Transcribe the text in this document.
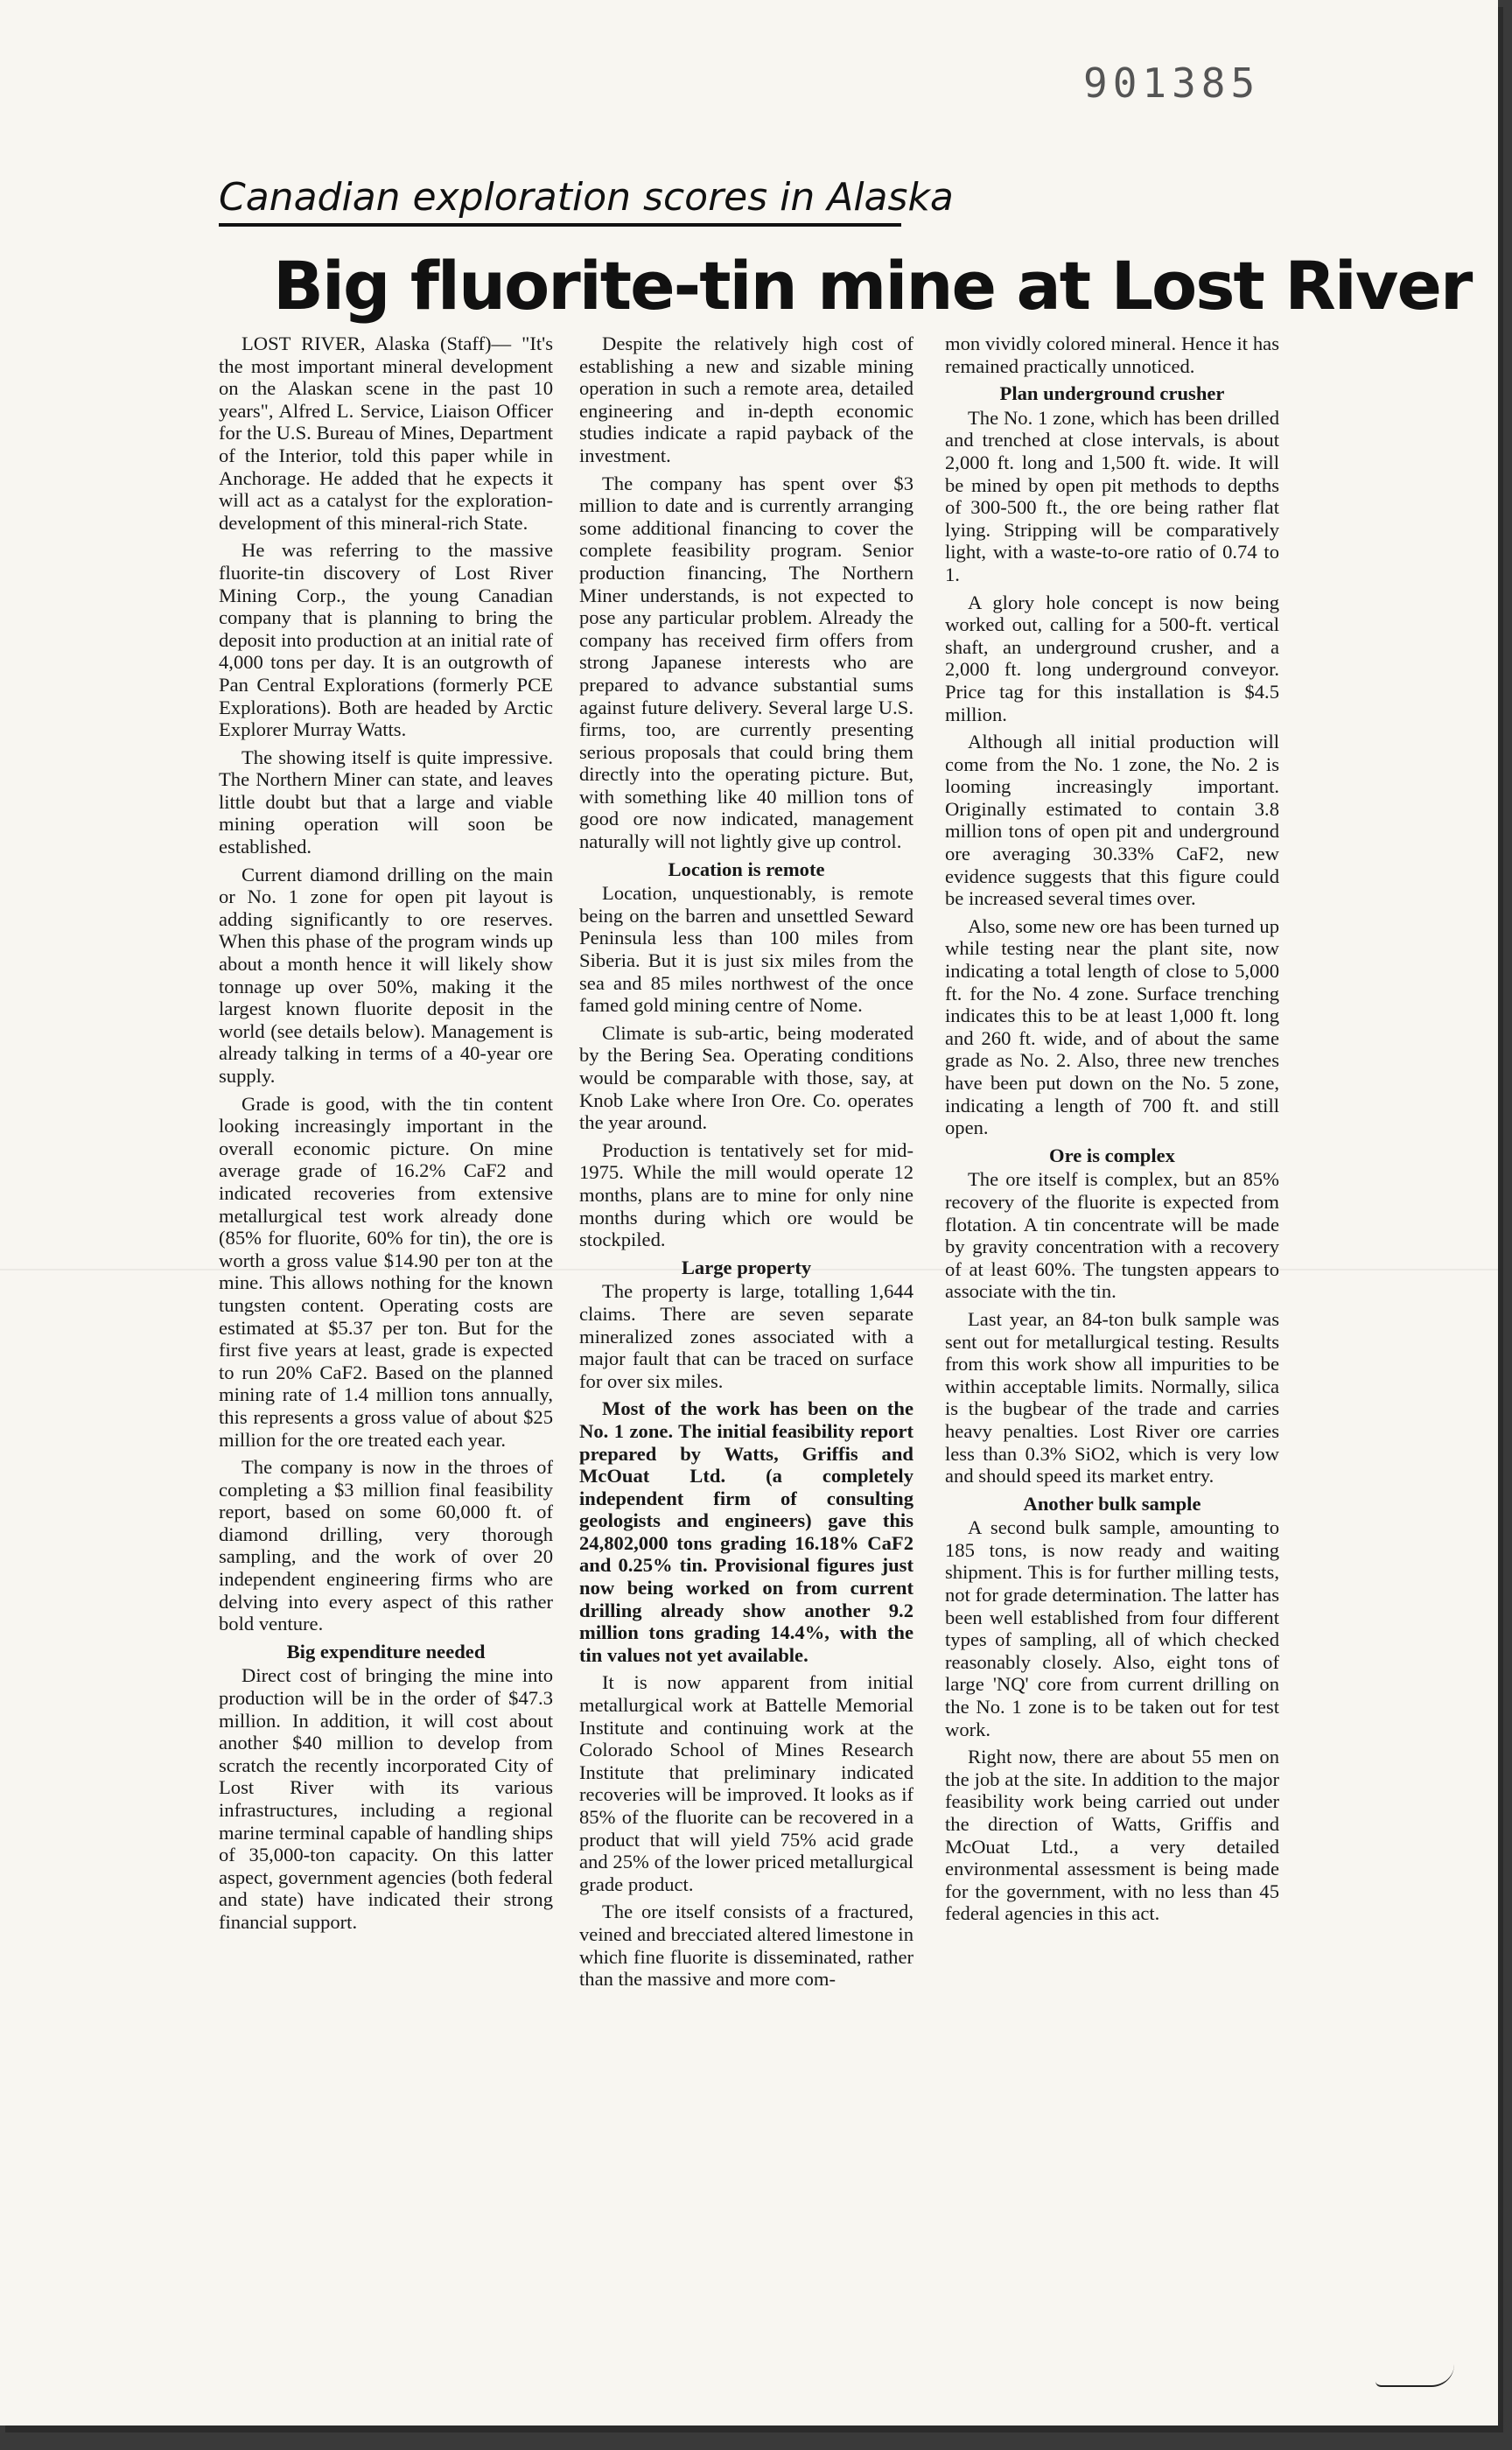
901385
Canadian exploration scores in Alaska
Big fluorite-tin mine at Lost River

LOST RIVER, Alaska (Staff)— "It's the most important mineral development on the Alaskan scene in the past 10 years", Alfred L. Service, Liaison Officer for the U.S. Bureau of Mines, Department of the Interior, told this paper while in Anchorage. He added that he expects it will act as a catalyst for the exploration-development of this mineral-rich State.

He was referring to the massive fluorite-tin discovery of Lost River Mining Corp., the young Canadian company that is planning to bring the deposit into production at an initial rate of 4,000 tons per day. It is an outgrowth of Pan Central Explorations (formerly PCE Explorations). Both are headed by Arctic Explorer Murray Watts.

The showing itself is quite impressive. The Northern Miner can state, and leaves little doubt but that a large and viable mining operation will soon be established.

Current diamond drilling on the main or No. 1 zone for open pit layout is adding significantly to ore reserves. When this phase of the program winds up about a month hence it will likely show tonnage up over 50%, making it the largest known fluorite deposit in the world (see details below). Management is already talking in terms of a 40-year ore supply.

Grade is good, with the tin content looking increasingly important in the overall economic picture. On mine average grade of 16.2% CaF2 and indicated recoveries from extensive metallurgical test work already done (85% for fluorite, 60% for tin), the ore is worth a gross value $14.90 per ton at the mine. This allows nothing for the known tungsten content. Operating costs are estimated at $5.37 per ton. But for the first five years at least, grade is expected to run 20% CaF2. Based on the planned mining rate of 1.4 million tons annually, this represents a gross value of about $25 million for the ore treated each year.

The company is now in the throes of completing a $3 million final feasibility report, based on some 60,000 ft. of diamond drilling, very thorough sampling, and the work of over 20 independent engineering firms who are delving into every aspect of this rather bold venture.

Big expenditure needed

Direct cost of bringing the mine into production will be in the order of $47.3 million. In addition, it will cost about another $40 million to develop from scratch the recently incorporated City of Lost River with its various infrastructures, including a regional marine terminal capable of handling ships of 35,000-ton capacity. On this latter aspect, government agencies (both federal and state) have indicated their strong financial support.

Despite the relatively high cost of establishing a new and sizable mining operation in such a remote area, detailed engineering and in-depth economic studies indicate a rapid payback of the investment.

The company has spent over $3 million to date and is currently arranging some additional financing to cover the complete feasibility program. Senior production financing, The Northern Miner understands, is not expected to pose any particular problem. Already the company has received firm offers from strong Japanese interests who are prepared to advance substantial sums against future delivery. Several large U.S. firms, too, are currently presenting serious proposals that could bring them directly into the operating picture. But, with something like 40 million tons of good ore now indicated, management naturally will not lightly give up control.

Location is remote

Location, unquestionably, is remote being on the barren and unsettled Seward Peninsula less than 100 miles from Siberia. But it is just six miles from the sea and 85 miles northwest of the once famed gold mining centre of Nome.

Climate is sub-artic, being moderated by the Bering Sea. Operating conditions would be comparable with those, say, at Knob Lake where Iron Ore. Co. operates the year around.

Production is tentatively set for mid-1975. While the mill would operate 12 months, plans are to mine for only nine months during which ore would be stockpiled.

Large property

The property is large, totalling 1,644 claims. There are seven separate mineralized zones associated with a major fault that can be traced on surface for over six miles.

Most of the work has been on the No. 1 zone. The initial feasibility report prepared by Watts, Griffis and McOuat Ltd. (a completely independent firm of consulting geologists and engineers) gave this 24,802,000 tons grading 16.18% CaF2 and 0.25% tin. Provisional figures just now being worked on from current drilling already show another 9.2 million tons grading 14.4%, with the tin values not yet available.

It is now apparent from initial metallurgical work at Battelle Memorial Institute and continuing work at the Colorado School of Mines Research Institute that preliminary indicated recoveries will be improved. It looks as if 85% of the fluorite can be recovered in a product that will yield 75% acid grade and 25% of the lower priced metallurgical grade product.

The ore itself consists of a fractured, veined and brecciated altered limestone in which fine fluorite is disseminated, rather than the massive and more com-

mon vividly colored mineral. Hence it has remained practically unnoticed.

Plan underground crusher

The No. 1 zone, which has been drilled and trenched at close intervals, is about 2,000 ft. long and 1,500 ft. wide. It will be mined by open pit methods to depths of 300-500 ft., the ore being rather flat lying. Stripping will be comparatively light, with a waste-to-ore ratio of 0.74 to 1.

A glory hole concept is now being worked out, calling for a 500-ft. vertical shaft, an underground crusher, and a 2,000 ft. long underground conveyor. Price tag for this installation is $4.5 million.

Although all initial production will come from the No. 1 zone, the No. 2 is looming increasingly important. Originally estimated to contain 3.8 million tons of open pit and underground ore averaging 30.33% CaF2, new evidence suggests that this figure could be increased several times over.

Also, some new ore has been turned up while testing near the plant site, now indicating a total length of close to 5,000 ft. for the No. 4 zone. Surface trenching indicates this to be at least 1,000 ft. long and 260 ft. wide, and of about the same grade as No. 2. Also, three new trenches have been put down on the No. 5 zone, indicating a length of 700 ft. and still open.

Ore is complex

The ore itself is complex, but an 85% recovery of the fluorite is expected from flotation. A tin concentrate will be made by gravity concentration with a recovery of at least 60%. The tungsten appears to associate with the tin.

Last year, an 84-ton bulk sample was sent out for metallurgical testing. Results from this work show all impurities to be within acceptable limits. Normally, silica is the bugbear of the trade and carries heavy penalties. Lost River ore carries less than 0.3% SiO2, which is very low and should speed its market entry.

Another bulk sample

A second bulk sample, amounting to 185 tons, is now ready and waiting shipment. This is for further milling tests, not for grade determination. The latter has been well established from four different types of sampling, all of which checked reasonably closely. Also, eight tons of large 'NQ' core from current drilling on the No. 1 zone is to be taken out for test work.

Right now, there are about 55 men on the job at the site. In addition to the major feasibility work being carried out under the direction of Watts, Griffis and McOuat Ltd., a very detailed environmental assessment is being made for the government, with no less than 45 federal agencies in this act.
